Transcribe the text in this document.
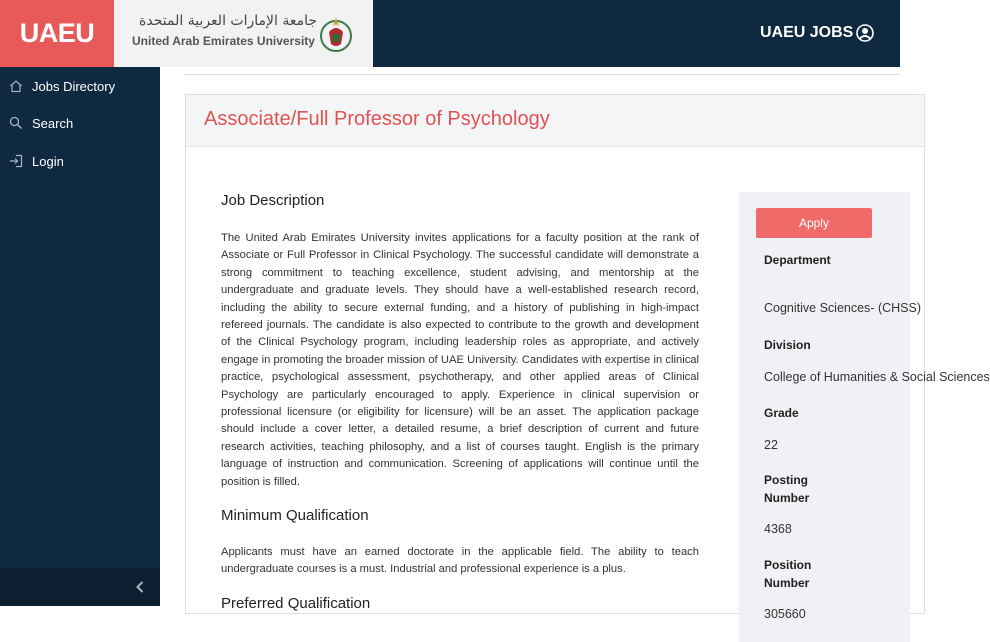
UAEU	جامعة الإمارات العربية المتحدة
United Arab Emirates University	UAEU JOBS
Jobs Directory
Search
Login
Associate/Full Professor of Psychology
Job Description
The United Arab Emirates University invites applications for a faculty position at the rank of Associate or Full Professor in Clinical Psychology. The successful candidate will demonstrate a strong commitment to teaching excellence, student advising, and mentorship at the undergraduate and graduate levels. They should have a well-established research record, including the ability to secure external funding, and a history of publishing in high-impact refereed journals. The candidate is also expected to contribute to the growth and development of the Clinical Psychology program, including leadership roles as appropriate, and actively engage in promoting the broader mission of UAE University. Candidates with expertise in clinical practice, psychological assessment, psychotherapy, and other applied areas of Clinical Psychology are particularly encouraged to apply. Experience in clinical supervision or professional licensure (or eligibility for licensure) will be an asset. The application package should include a cover letter, a detailed resume, a brief description of current and future research activities, teaching philosophy, and a list of courses taught. English is the primary language of instruction and communication. Screening of applications will continue until the position is filled.
Minimum Qualification
Applicants must have an earned doctorate in the applicable field. The ability to teach undergraduate courses is a must. Industrial and professional experience is a plus.
Preferred Qualification
Apply
Department
Cognitive Sciences- (CHSS)
Division
College of Humanities & Social Sciences
Grade
22
Posting Number
4368
Position Number
305660
